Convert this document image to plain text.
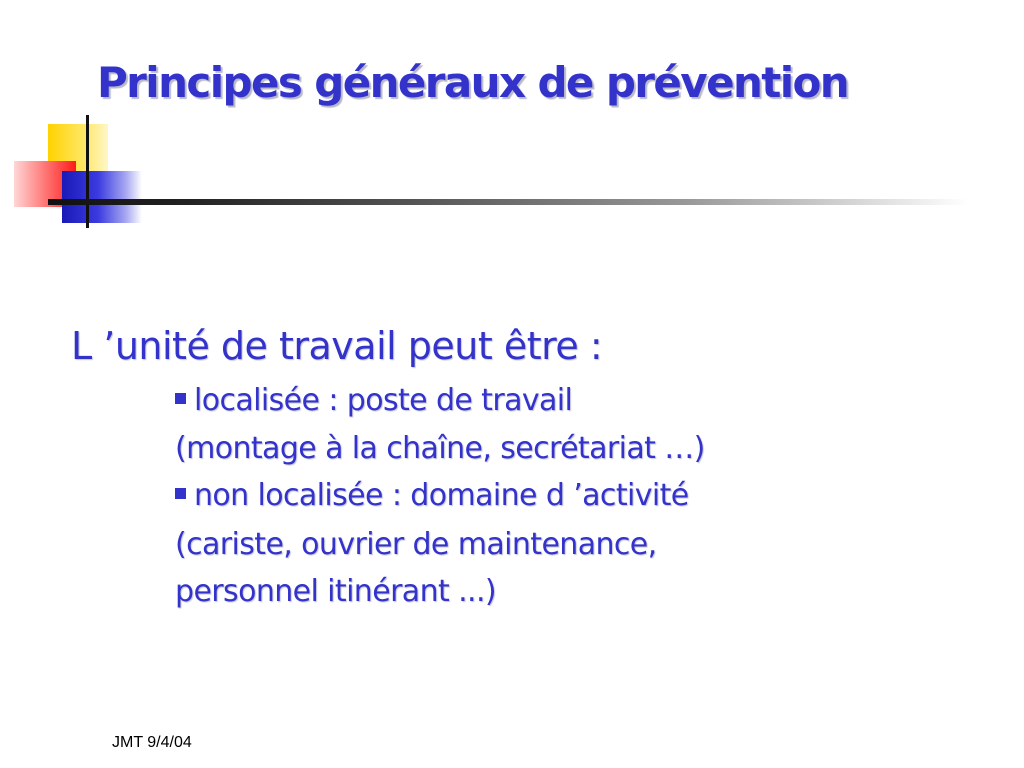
Principes généraux de prévention
L ’unité de travail peut être :
localisée : poste de travail
(montage à la chaîne, secrétariat …)
non localisée : domaine d ’activité
(cariste, ouvrier de maintenance,
personnel itinérant ...)
JMT 9/4/04
